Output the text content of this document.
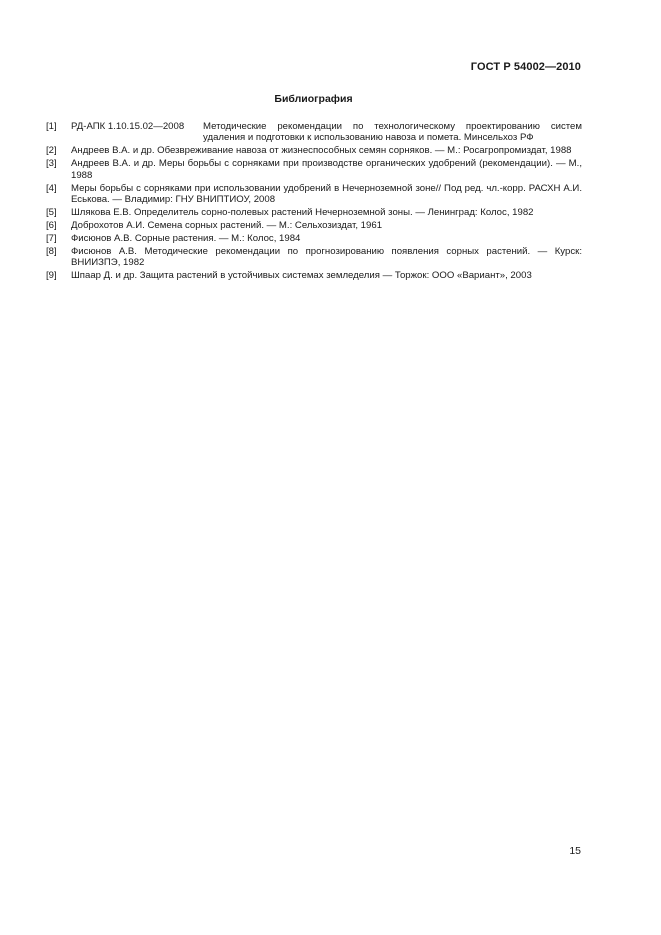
ГОСТ Р 54002—2010
Библиография
[1]	РД-АПК 1.10.15.02—2008	Методические рекомендации по технологическому проектированию систем удаления и подготовки к использованию навоза и помета. Минсельхоз РФ
[2]	Андреев В.А. и др. Обезвреживание навоза от жизнеспособных семян сорняков. — М.: Росагропромиздат, 1988
[3]	Андреев В.А. и др. Меры борьбы с сорняками при производстве органических удобрений (рекомендации). — М., 1988
[4]	Меры борьбы с сорняками при использовании удобрений в Нечерноземной зоне// Под ред. чл.-корр. РАСХН А.И. Еськова. — Владимир: ГНУ ВНИПТИОУ, 2008
[5]	Шлякова Е.В. Определитель сорно-полевых растений Нечерноземной зоны. — Ленинград: Колос, 1982
[6]	Доброхотов А.И. Семена сорных растений. — М.: Сельхозиздат, 1961
[7]	Фисюнов А.В. Сорные растения. — М.: Колос, 1984
[8]	Фисюнов А.В. Методические рекомендации по прогнозированию появления сорных растений. — Курск: ВНИИЗПЭ, 1982
[9]	Шпаар Д. и др. Защита растений в устойчивых системах земледелия — Торжок: ООО «Вариант», 2003
15
